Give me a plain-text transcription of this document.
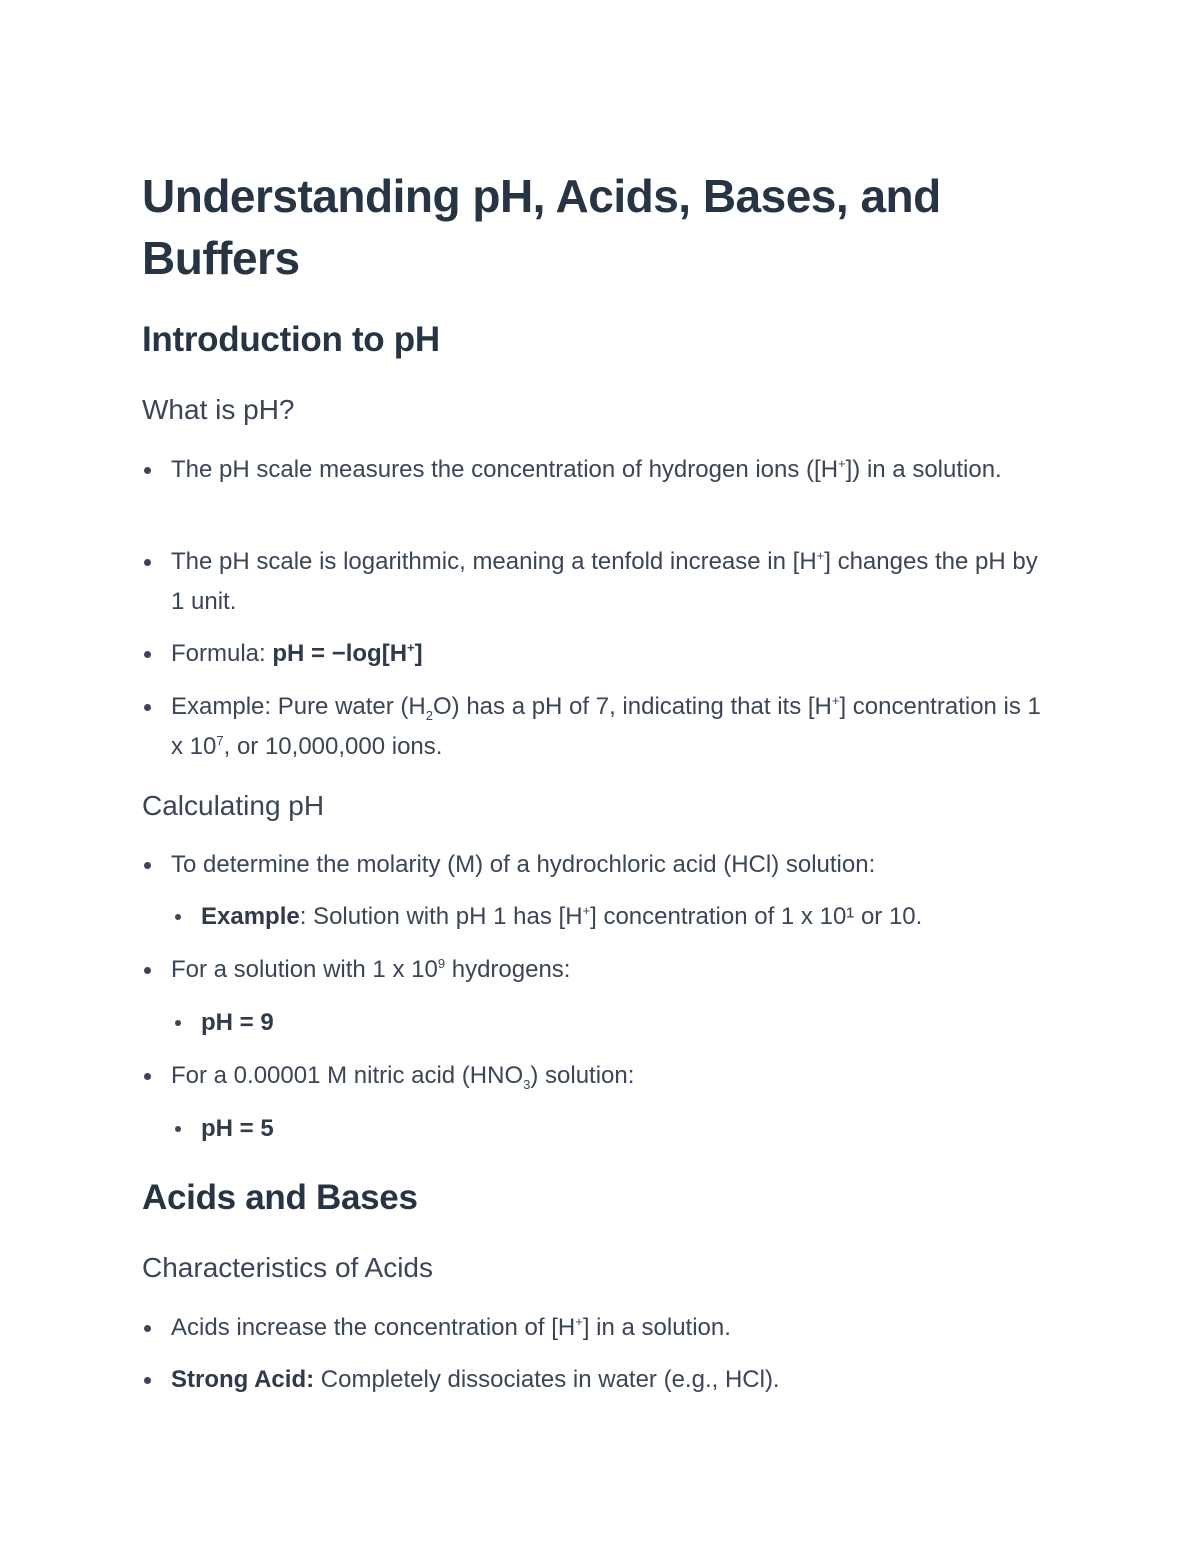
Understanding pH, Acids, Bases, and Buffers
Introduction to pH
What is pH?
The pH scale measures the concentration of hydrogen ions ([H+]) in a solution.
The pH scale is logarithmic, meaning a tenfold increase in [H+] changes the pH by 1 unit.
Formula: pH = −log[H+]
Example: Pure water $(H_2O)$ has a pH of 7, indicating that its [H+] concentration is 1 x $10^7$, or 10,000,000 ions.
Calculating pH
To determine the molarity (M) of a hydrochloric acid (HCl) solution:
Example: Solution with pH 1 has [H+] concentration of 1 x 10¹ or 10.
For a solution with 1 x $10^9$ hydrogens:
pH = 9
For a 0.00001 M nitric acid $(HNO_3)$ solution:
pH = 5
Acids and Bases
Characteristics of Acids
Acids increase the concentration of [H+] in a solution.
Strong Acid: Completely dissociates in water (e.g., HCl).
